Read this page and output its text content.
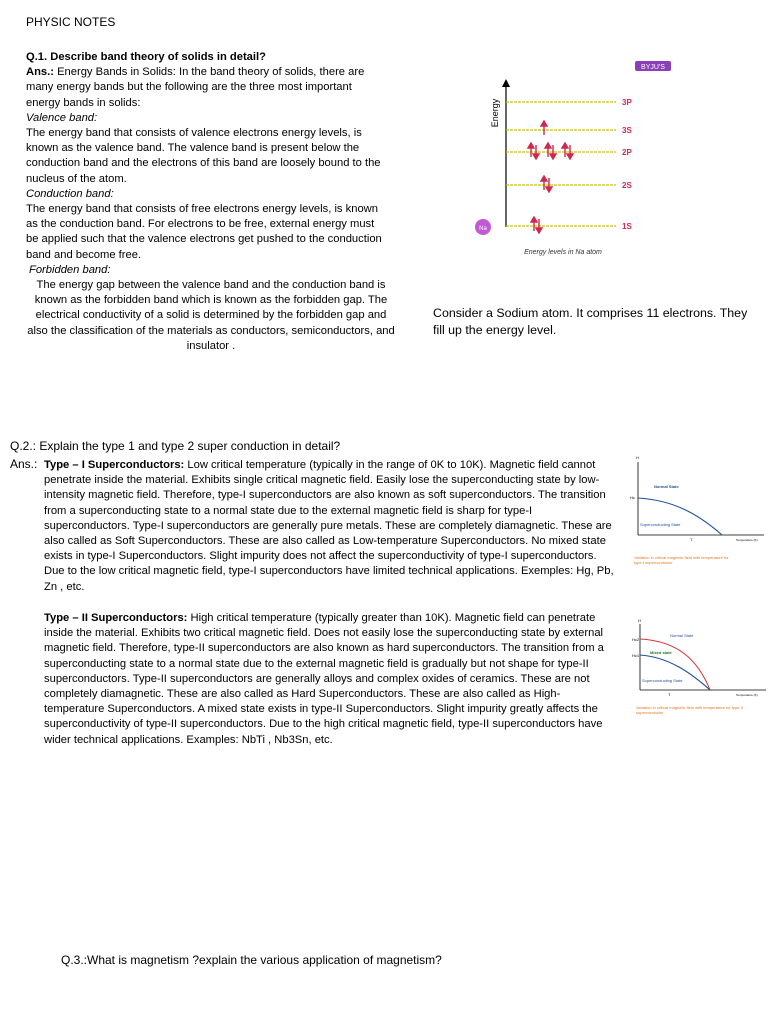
PHYSIC NOTES
Q.1. Describe band theory of solids in detail?
Ans.: Energy Bands in Solids: In the band theory of solids, there are many energy bands but the following are the three most important energy bands in solids:
Valence band:
The energy band that consists of valence electrons energy levels, is known as the valence band. The valence band is present below the conduction band and the electrons of this band are loosely bound to the nucleus of the atom.
Conduction band:
The energy band that consists of free electrons energy levels, is known as the conduction band. For electrons to be free, external energy must be applied such that the valence electrons get pushed to the conduction band and become free.
Forbidden band:
The energy gap between the valence band and the conduction band is known as the forbidden band which is known as the forbidden gap. The electrical conductivity of a solid is determined by the forbidden gap and also the classification of the materials as conductors, semiconductors, and insulator .
BYJU'S
Energy	3P
3S
2P
2S
1S
Na
Energy levels in Na atom
Consider a Sodium atom. It comprises 11 electrons. They fill up the energy level.
Q.2.: Explain the type 1 and type 2 super conduction in detail?
Ans.: Type – I Superconductors: Low critical temperature (typically in the range of 0K to 10K). Magnetic field cannot penetrate inside the material. Exhibits single critical magnetic field. Easily lose the superconducting state by low-intensity magnetic field. Therefore, type-I superconductors are also known as soft superconductors. The transition from a superconducting state to a normal state due to the external magnetic field is sharp for type-I superconductors. Type-I superconductors are generally pure metals. These are completely diamagnetic. These are also called as Soft Superconductors. These are also called as Low-temperature Superconductors. No mixed state exists in type-I Superconductors. Slight impurity does not affect the superconductivity of type-I superconductors. Due to the low critical magnetic field, type-I superconductors have limited technical applications. Exemples: Hg, Pb, Zn , etc.
H
Hc
Normal State
Superconducting State
T	Temperature (K)
Variation in critical magnetic field with temperature for type-I superconductor
Type – II Superconductors: High critical temperature (typically greater than 10K). Magnetic field can penetrate inside the material. Exhibits two critical magnetic field. Does not easily lose the superconducting state by external magnetic field. Therefore, type-II superconductors are also known as hard superconductors. The transition from a superconducting state to a normal state due to the external magnetic field is gradually but not shape for type-II superconductors. Type-II superconductors are generally alloys and complex oxides of ceramics. These are not completely diamagnetic. These are also called as Hard Superconductors. These are also called as High-temperature Superconductors. A mixed state exists in type-II Superconductors. Slight impurity greatly affects the superconductivity of type-II superconductors. Due to the high critical magnetic field, type-II superconductors have wider technical applications. Examples: NbTi , Nb3Sn, etc.
H
Hc2
Hc1
Normal State
Mixed state
Superconducting State
T	Temperature (K)
Variation in critical magnetic field with temperature for type-II superconductor
Q.3.:What is magnetism ?explain the various application of magnetism?
